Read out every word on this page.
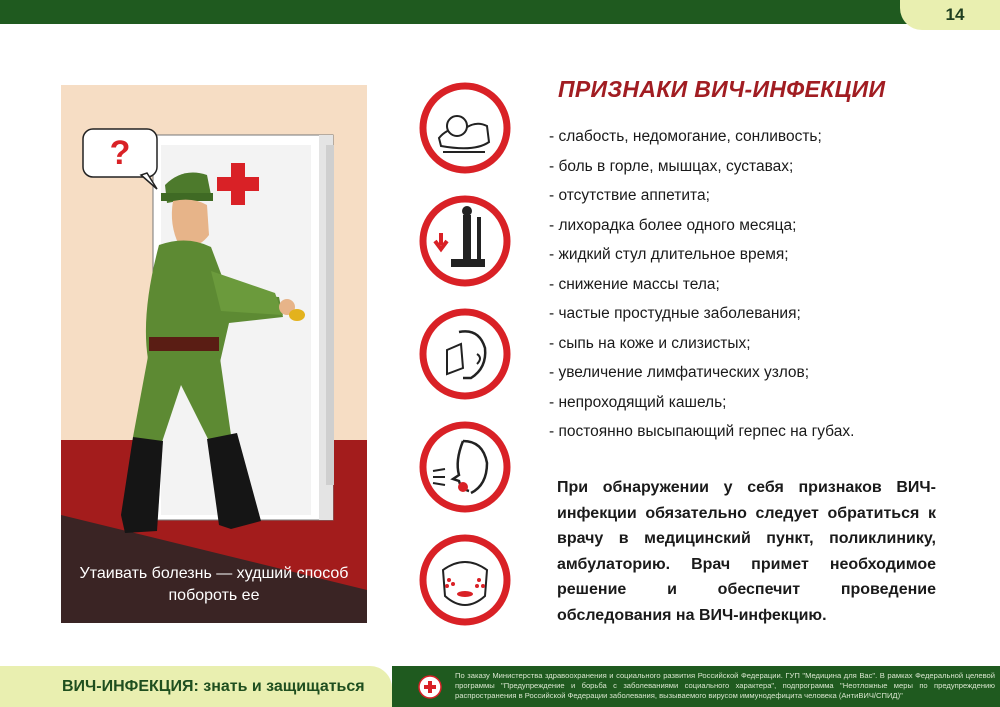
14
?
Утаивать болезнь — худший способ побороть ее
ПРИЗНАКИ ВИЧ-ИНФЕКЦИИ
- слабость, недомогание, сонливость;
- боль в горле, мышцах, суставах;
- отсутствие аппетита;
- лихорадка более одного месяца;
- жидкий стул длительное время;
- снижение массы тела;
- частые простудные заболевания;
- сыпь на коже и слизистых;
- увеличение лимфатических узлов;
- непроходящий кашель;
- постоянно высыпающий герпес на губах.
При обнаружении у себя признаков ВИЧ-инфекции обязательно следует обратиться к врачу в медицинский пункт, поликлинику, амбулаторию. Врач примет необходимое решение и обеспечит проведение обследования на ВИЧ-инфекцию.
ВИЧ-ИНФЕКЦИЯ: знать и защищаться
По заказу Министерства здравоохранения и социального развития Российской Федерации. ГУП "Медицина для Вас". В рамках Федеральной целевой программы "Предупреждение и борьба с заболеваниями социального характера", подпрограмма "Неотложные меры по предупреждению распространения в Российской Федерации заболевания, вызываемого вирусом иммунодефицита человека (АнтиВИЧ/СПИД)"
